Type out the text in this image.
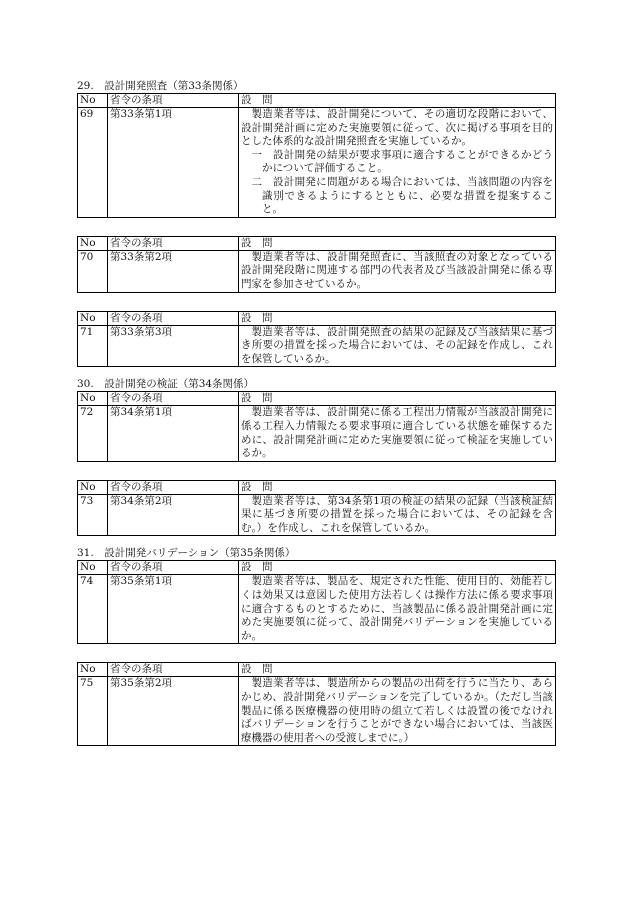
29.　設計開発照査（第33条関係）
No	省令の条項	設　問
69	第33条第1項	製造業者等は、設計開発について、その適切な段階において、設計開発計画に定めた実施要領に従って、次に掲げる事項を目的とした体系的な設計開発照査を実施しているか。
一　設計開発の結果が要求事項に適合することができるかどうかについて評価すること。
二　設計開発に問題がある場合においては、当該問題の内容を識別できるようにするとともに、必要な措置を提案すること。
No	省令の条項	設　問
70	第33条第2項	製造業者等は、設計開発照査に、当該照査の対象となっている設計開発段階に関連する部門の代表者及び当該設計開発に係る専門家を参加させているか。
No	省令の条項	設　問
71	第33条第3項	製造業者等は、設計開発照査の結果の記録及び当該結果に基づき所要の措置を採った場合においては、その記録を作成し、これを保管しているか。
30.　設計開発の検証（第34条関係）
No	省令の条項	設　問
72	第34条第1項	製造業者等は、設計開発に係る工程出力情報が当該設計開発に係る工程入力情報たる要求事項に適合している状態を確保するために、設計開発計画に定めた実施要領に従って検証を実施しているか。
No	省令の条項	設　問
73	第34条第2項	製造業者等は、第34条第1項の検証の結果の記録（当該検証結果に基づき所要の措置を採った場合においては、その記録を含む。）を作成し、これを保管しているか。
31.　設計開発バリデーション（第35条関係）
No	省令の条項	設　問
74	第35条第1項	製造業者等は、製品を、規定された性能、使用目的、効能若しくは効果又は意図した使用方法若しくは操作方法に係る要求事項に適合するものとするために、当該製品に係る設計開発計画に定めた実施要領に従って、設計開発バリデーションを実施しているか。
No	省令の条項	設　問
75	第35条第2項	製造業者等は、製造所からの製品の出荷を行うに当たり、あらかじめ、設計開発バリデーションを完了しているか。（ただし当該製品に係る医療機器の使用時の組立て若しくは設置の後でなければバリデーションを行うことができない場合においては、当該医療機器の使用者への受渡しまでに。）
